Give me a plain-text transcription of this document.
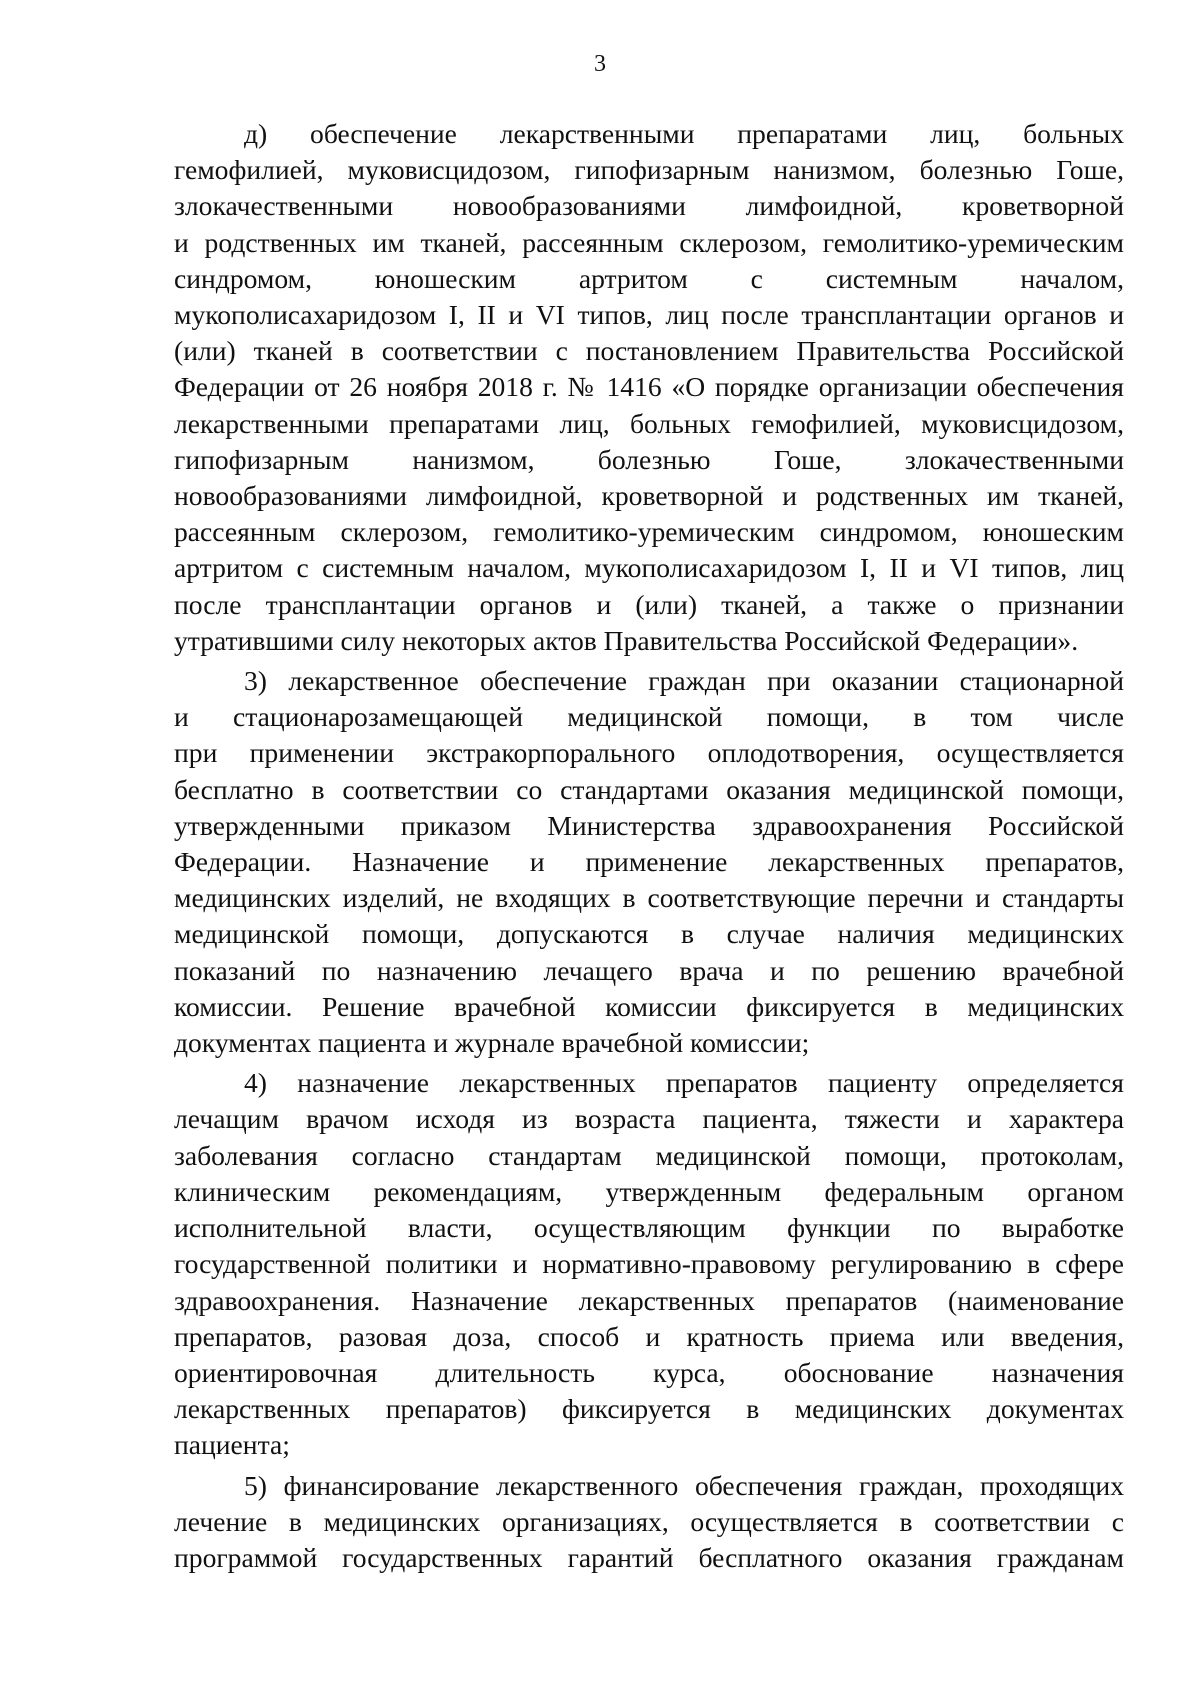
3
д) обеспечение лекарственными препаратами лиц, больных
гемофилией, муковисцидозом, гипофизарным нанизмом, болезнью Гоше,
злокачественными новообразованиями лимфоидной, кроветворной
и родственных им тканей, рассеянным склерозом, гемолитико-уремическим
синдромом, юношеским артритом с системным началом,
мукополисахаридозом I, II и VI типов, лиц после трансплантации органов и
(или) тканей в соответствии с постановлением Правительства Российской
Федерации от 26 ноября 2018 г. № 1416 «О порядке организации обеспечения
лекарственными препаратами лиц, больных гемофилией, муковисцидозом,
гипофизарным нанизмом, болезнью Гоше, злокачественными
новообразованиями лимфоидной, кроветворной и родственных им тканей,
рассеянным склерозом, гемолитико-уремическим синдромом, юношеским
артритом с системным началом, мукополисахаридозом I, II и VI типов, лиц
после трансплантации органов и (или) тканей, а также о признании
утратившими силу некоторых актов Правительства Российской Федерации».
3) лекарственное обеспечение граждан при оказании стационарной
и стационарозамещающей медицинской помощи, в том числе
при применении экстракорпорального оплодотворения, осуществляется
бесплатно в соответствии со стандартами оказания медицинской помощи,
утвержденными приказом Министерства здравоохранения Российской
Федерации. Назначение и применение лекарственных препаратов,
медицинских изделий, не входящих в соответствующие перечни и стандарты
медицинской помощи, допускаются в случае наличия медицинских
показаний по назначению лечащего врача и по решению врачебной
комиссии. Решение врачебной комиссии фиксируется в медицинских
документах пациента и журнале врачебной комиссии;
4) назначение лекарственных препаратов пациенту определяется
лечащим врачом исходя из возраста пациента, тяжести и характера
заболевания согласно стандартам медицинской помощи, протоколам,
клиническим рекомендациям, утвержденным федеральным органом
исполнительной власти, осуществляющим функции по выработке
государственной политики и нормативно-правовому регулированию в сфере
здравоохранения. Назначение лекарственных препаратов (наименование
препаратов, разовая доза, способ и кратность приема или введения,
ориентировочная длительность курса, обоснование назначения
лекарственных препаратов) фиксируется в медицинских документах
пациента;
5) финансирование лекарственного обеспечения граждан, проходящих
лечение в медицинских организациях, осуществляется в соответствии с
программой государственных гарантий бесплатного оказания гражданам
